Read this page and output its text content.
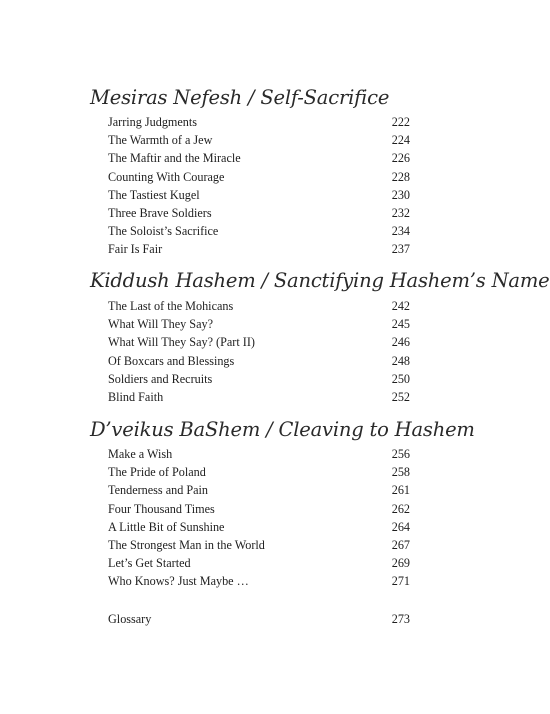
Mesiras Nefesh / Self-Sacrifice
Jarring Judgments	222
The Warmth of a Jew	224
The Maftir and the Miracle	226
Counting With Courage	228
The Tastiest Kugel	230
Three Brave Soldiers	232
The Soloist’s Sacrifice	234
Fair Is Fair	237
Kiddush Hashem / Sanctifying Hashem’s Name
The Last of the Mohicans	242
What Will They Say?	245
What Will They Say? (Part II)	246
Of Boxcars and Blessings	248
Soldiers and Recruits	250
Blind Faith	252
D’veikus BaShem / Cleaving to Hashem
Make a Wish	256
The Pride of Poland	258
Tenderness and Pain	261
Four Thousand Times	262
A Little Bit of Sunshine	264
The Strongest Man in the World	267
Let’s Get Started	269
Who Knows? Just Maybe …	271
Glossary	273
